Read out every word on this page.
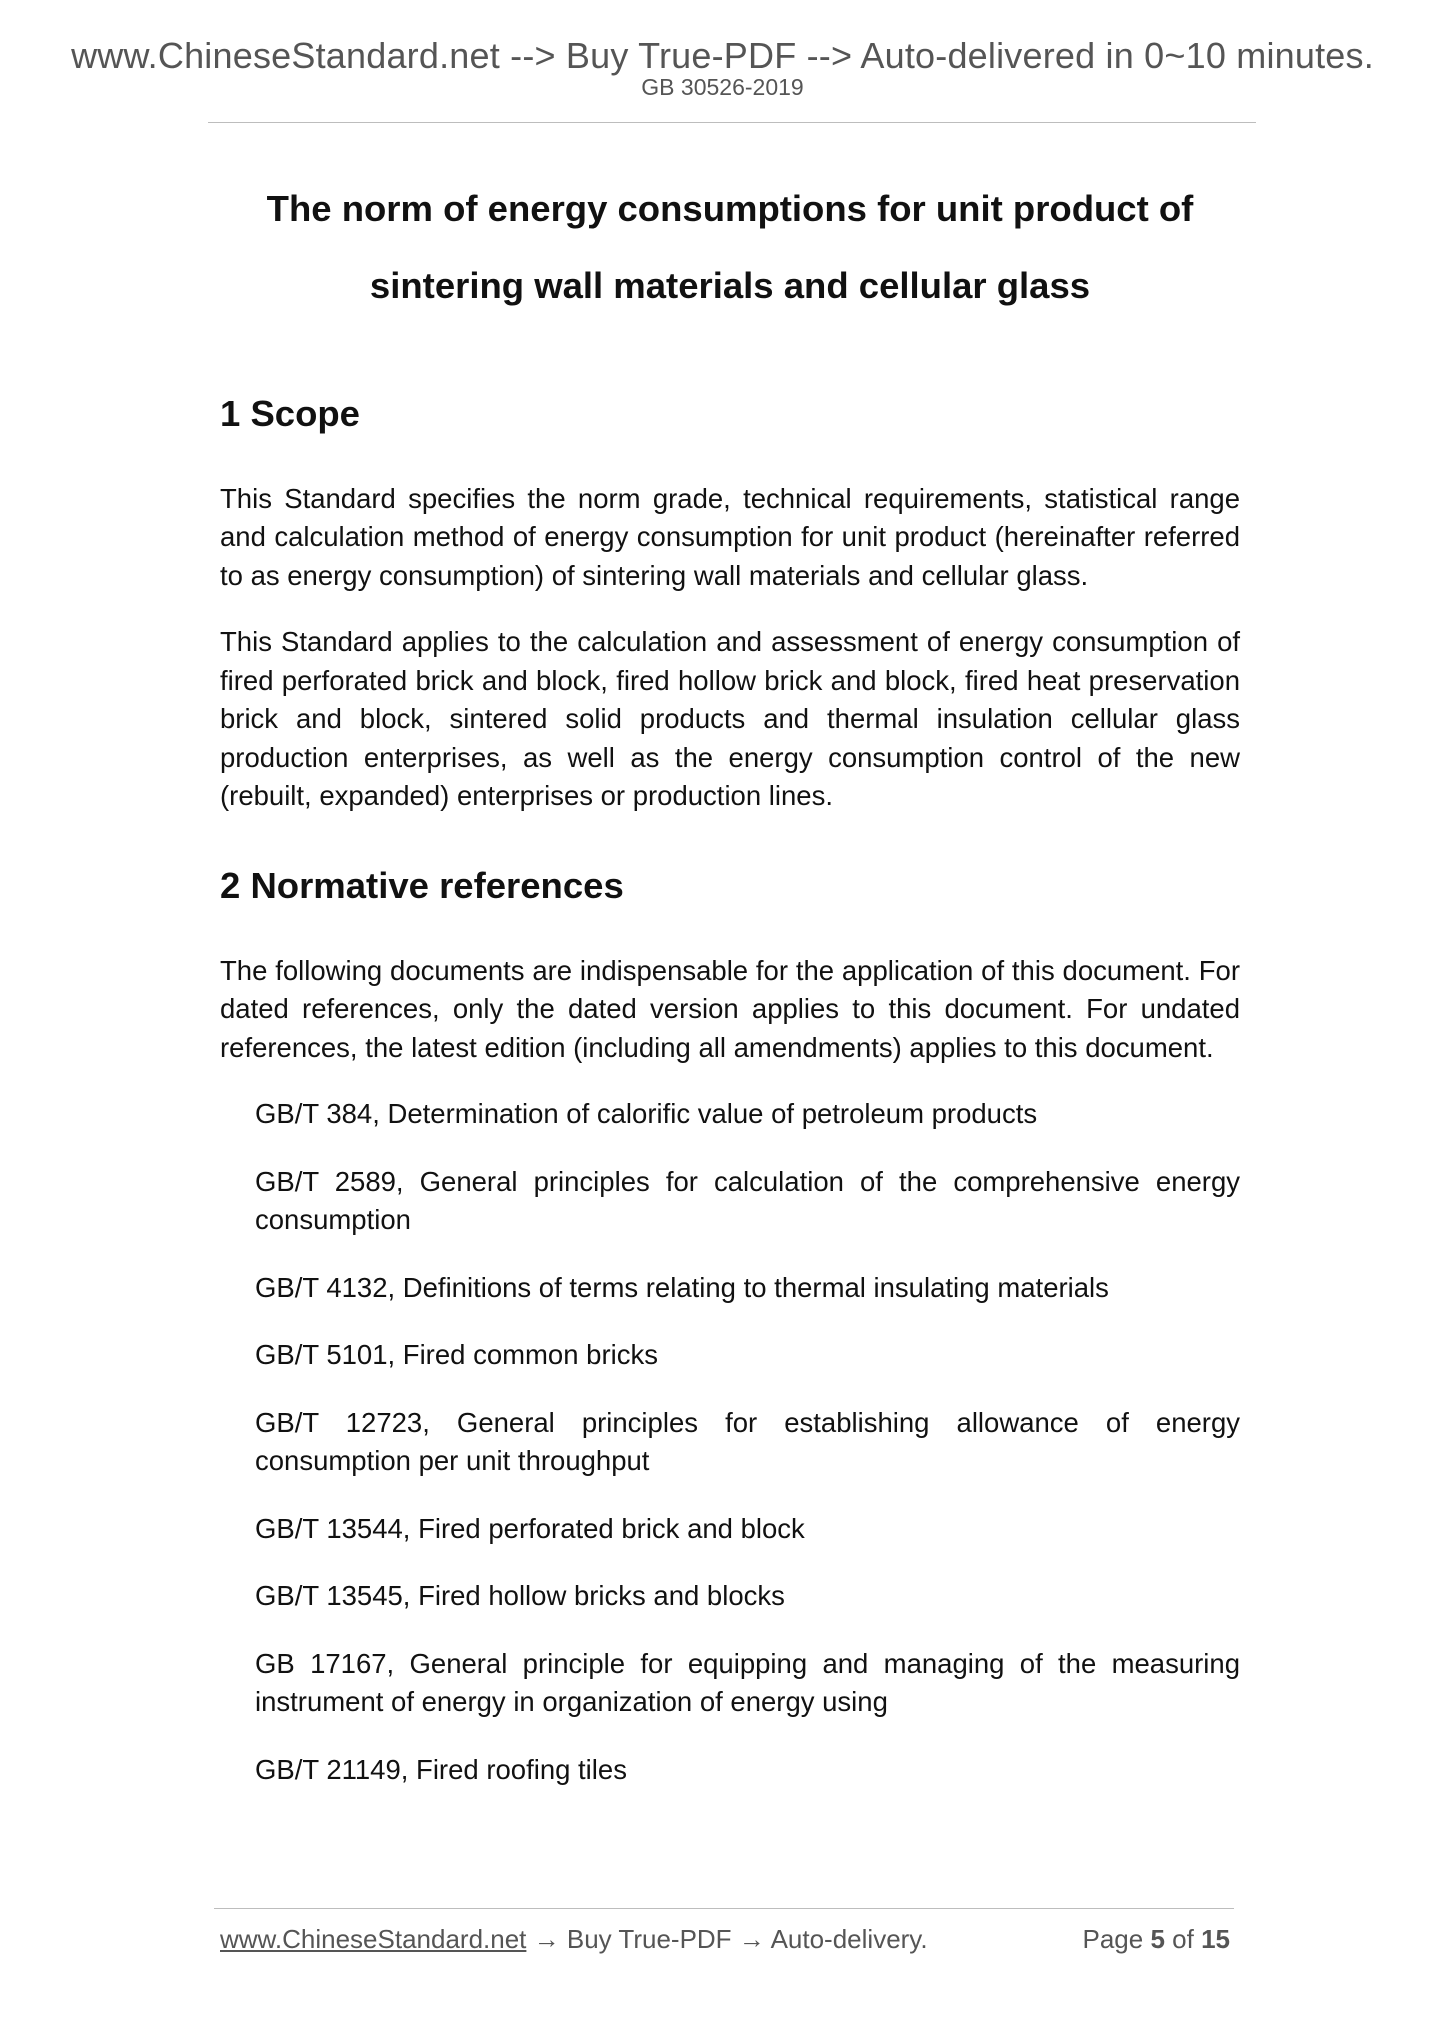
www.ChineseStandard.net --> Buy True-PDF --> Auto-delivered in 0~10 minutes.
GB 30526-2019
The norm of energy consumptions for unit product of
sintering wall materials and cellular glass
1 Scope

This Standard specifies the norm grade, technical requirements, statistical range and calculation method of energy consumption for unit product (hereinafter referred to as energy consumption) of sintering wall materials and cellular glass.

This Standard applies to the calculation and assessment of energy consumption of fired perforated brick and block, fired hollow brick and block, fired heat preservation brick and block, sintered solid products and thermal insulation cellular glass production enterprises, as well as the energy consumption control of the new (rebuilt, expanded) enterprises or production lines.

2 Normative references

The following documents are indispensable for the application of this document. For dated references, only the dated version applies to this document. For undated references, the latest edition (including all amendments) applies to this document.

GB/T 384, Determination of calorific value of petroleum products
GB/T 2589, General principles for calculation of the comprehensive energy consumption
GB/T 4132, Definitions of terms relating to thermal insulating materials
GB/T 5101, Fired common bricks
GB/T 12723, General principles for establishing allowance of energy consumption per unit throughput
GB/T 13544, Fired perforated brick and block
GB/T 13545, Fired hollow bricks and blocks
GB 17167, General principle for equipping and managing of the measuring instrument of energy in organization of energy using
GB/T 21149, Fired roofing tiles
www.ChineseStandard.net → Buy True-PDF → Auto-delivery.	Page 5 of 15
